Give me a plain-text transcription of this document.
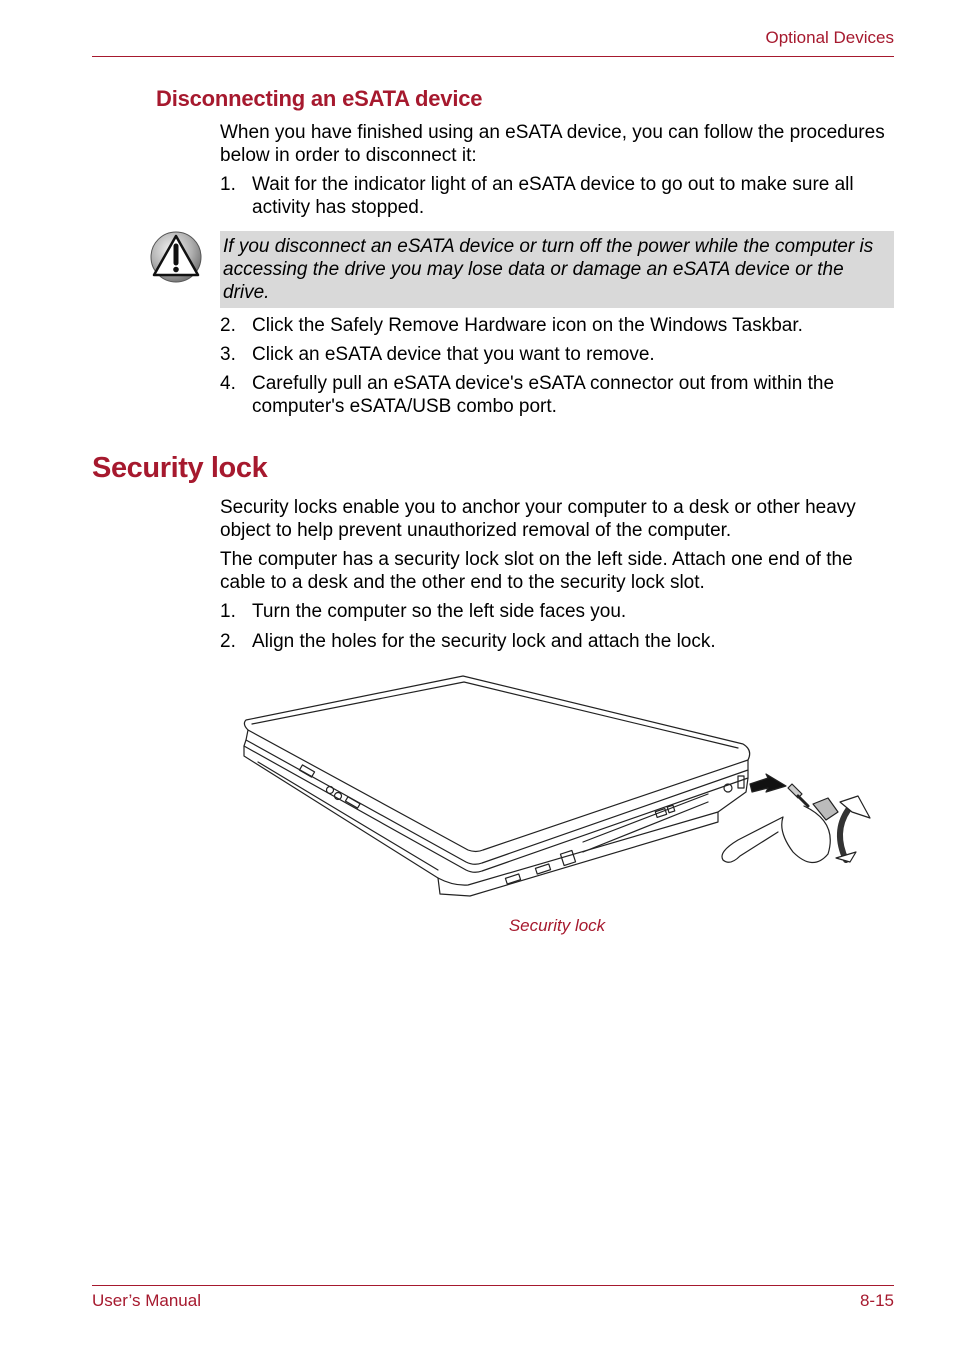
Optional Devices
Disconnecting an eSATA device
When you have finished using an eSATA device, you can follow the procedures below in order to disconnect it:
1. Wait for the indicator light of an eSATA device to go out to make sure all activity has stopped.
If you disconnect an eSATA device or turn off the power while the computer is accessing the drive you may lose data or damage an eSATA device or the drive.
2. Click the Safely Remove Hardware icon on the Windows Taskbar.
3. Click an eSATA device that you want to remove.
4. Carefully pull an eSATA device's eSATA connector out from within the computer's eSATA/USB combo port.
Security lock
Security locks enable you to anchor your computer to a desk or other heavy object to help prevent unauthorized removal of the computer.
The computer has a security lock slot on the left side. Attach one end of the cable to a desk and the other end to the security lock slot.
1. Turn the computer so the left side faces you.
2. Align the holes for the security lock and attach the lock.
Security lock
User’s Manual	8-15
